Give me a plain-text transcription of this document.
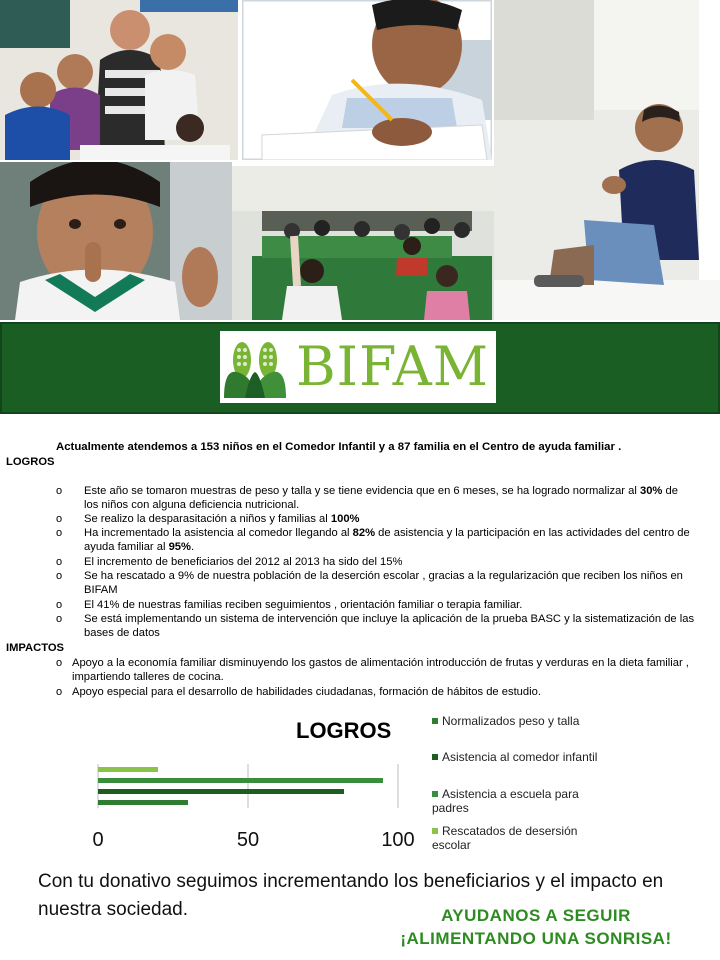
BIFAM
Actualmente atendemos a 153 niños en el Comedor Infantil y a 87 familia en el Centro de ayuda familiar .
LOGROS
o Este año se tomaron muestras de peso y talla y se tiene evidencia que en 6 meses, se ha logrado normalizar al 30% de los niños con alguna deficiencia nutricional.
o Se realizo la desparasitación a niños y familias al 100%
o Ha incrementado la asistencia al comedor llegando al 82% de asistencia y la participación en las actividades del centro de ayuda familiar al 95%.
o El incremento de beneficiarios del 2012 al 2013 ha sido del 15%
o Se ha rescatado a 9% de nuestra población de la deserción escolar , gracias a la regularización que reciben los niños en BIFAM
o El 41% de nuestras familias reciben seguimientos , orientación familiar o terapia familiar.
o Se está implementando un sistema de intervención que incluye la aplicación de la prueba BASC y la sistematización de las bases de datos
IMPACTOS
o Apoyo a la economía familiar disminuyendo los gastos de alimentación introducción de frutas y verduras en la dieta familiar , impartiendo talleres de cocina.
o Apoyo especial para el desarrollo de habilidades ciudadanas, formación de hábitos de estudio.
LOGROS
0	50	100
Normalizados peso y talla
Asistencia al comedor infantil
Asistencia a escuela para padres
Rescatados de desersión escolar
Con tu donativo seguimos incrementando los beneficiarios y el impacto en nuestra sociedad.	AYUDANOS A SEGUIR
¡ALIMENTANDO UNA SONRISA!
